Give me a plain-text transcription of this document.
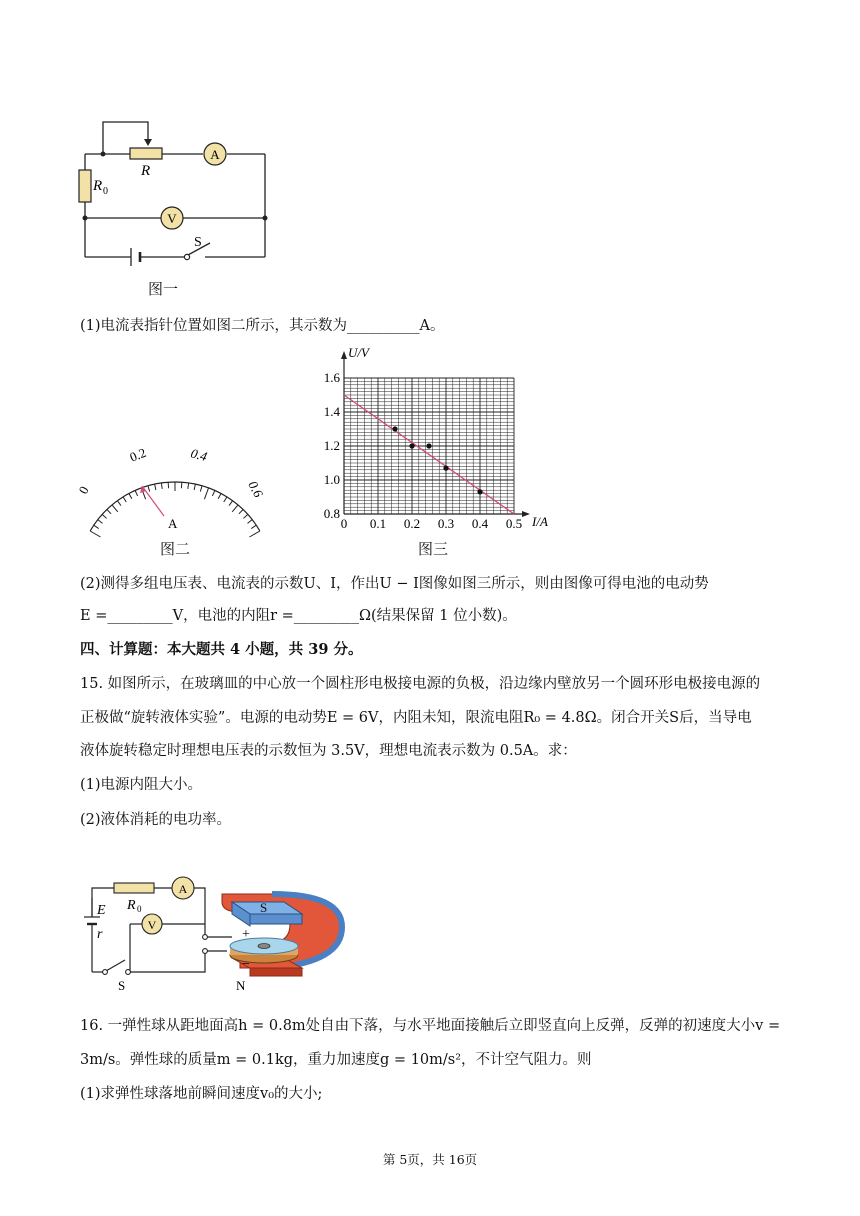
A
V
S
R
R 0
图一
(1)电流表指针位置如图二所示，其示数为__________A。
0
0.2	0.4
0.6
A
图二
1.6
1.4
1.2
1.0
0.8
0 0.1 0.2 0.3 0.4 0.5
U/V
I/A
图三
(2)测得多组电压表、电流表的示数U、I，作出U − I图像如图三所示，则由图像可得电池的电动势
E =_________V，电池的内阻r =_________Ω(结果保留 1 位小数)。
四、计算题：本大题共 4 小题，共 39 分。
15. 如图所示，在玻璃皿的中心放一个圆柱形电极接电源的负极，沿边缘内壁放另一个圆环形电极接电源的
正极做“旋转液体实验”。电源的电动势E = 6V，内阻未知，限流电阻R₀ = 4.8Ω。闭合开关S后，当导电
液体旋转稳定时理想电压表的示数恒为 3.5V，理想电流表示数为 0.5A。求：
(1)电源内阻大小。
(2)液体消耗的电功率。
E
r
R 0
A
V
S
S
N
+
−
16. 一弹性球从距地面高h = 0.8m处自由下落，与水平地面接触后立即竖直向上反弹，反弹的初速度大小v =
3m/s。弹性球的质量m = 0.1kg，重力加速度g = 10m/s²，不计空气阻力。则
(1)求弹性球落地前瞬间速度v₀的大小;
第 5页，共 16页
